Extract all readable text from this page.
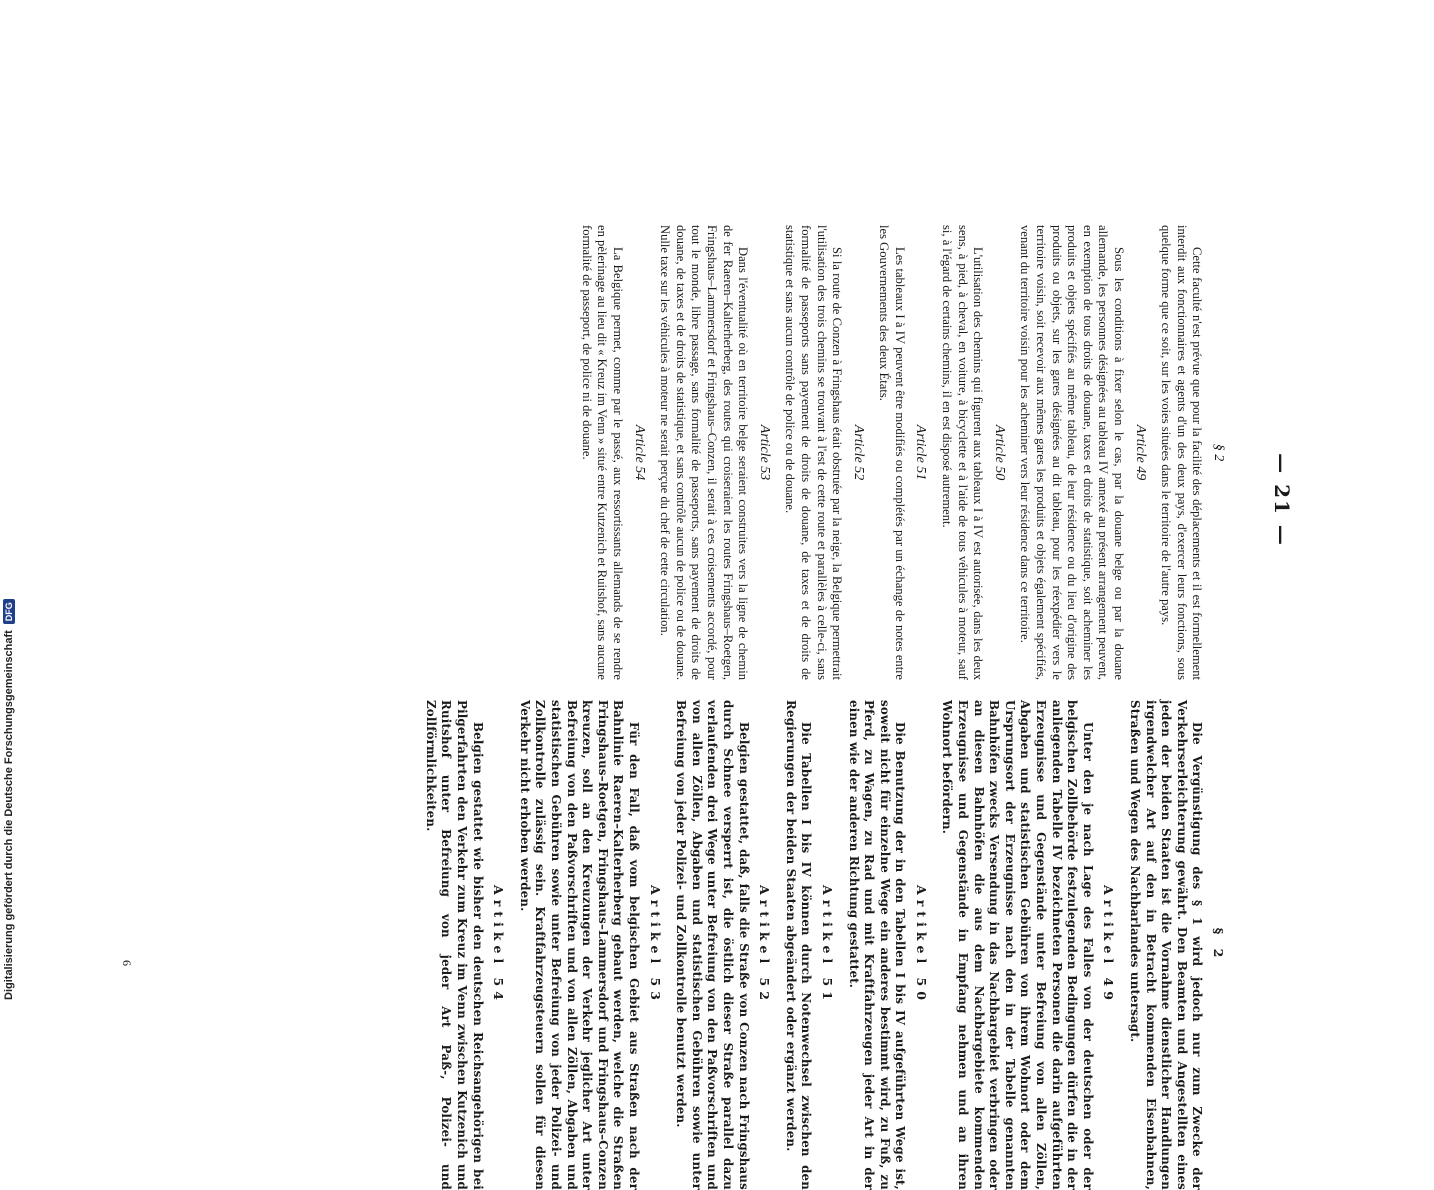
— 21 —
§ 2

Die Vergünstigung des § 1 wird jedoch nur zum Zwecke der Verkehrserleichterung gewährt. Den Beamten und Angestellten eines jeden der beiden Staaten ist die Vornahme dienstlicher Handlungen irgendwelcher Art auf den in Betracht kommenden Eisenbahnen, Straßen und Wegen des Nachbarlandes untersagt.

Artikel 49

Unter den je nach Lage des Falles von der deutschen oder der belgischen Zollbehörde festzulegenden Bedingungen dürfen die in der anliegenden Tabelle IV bezeichneten Personen die darin aufgeführten Erzeugnisse und Gegenstände unter Befreiung von allen Zöllen, Abgaben und statistischen Gebühren von ihrem Wohnort oder dem Ursprungsort der Erzeugnisse nach den in der Tabelle genannten Bahnhöfen zwecks Versendung in das Nachbargebiet verbringen oder an diesen Bahnhöfen die aus dem Nachbargebiete kommenden Erzeugnisse und Gegenstände in Empfang nehmen und an ihren Wohnort befördern.

Artikel 50

Die Benutzung der in den Tabellen I bis IV aufgeführten Wege ist, soweit nicht für einzelne Wege ein anderes bestimmt wird, zu Fuß, zu Pferd, zu Wagen, zu Rad und mit Kraftfahrzeugen jeder Art in der einen wie der anderen Richtung gestattet.

Artikel 51

Die Tabellen I bis IV können durch Notenwechsel zwischen den Regierungen der beiden Staaten abgeändert oder ergänzt werden.

Artikel 52

Belgien gestattet, daß, falls die Straße von Conzen nach Fringshaus durch Schnee versperrt ist, die östlich dieser Straße parallel dazu verlaufenden drei Wege unter Befreiung von den Paßvorschriften und von allen Zöllen, Abgaben und statistischen Gebühren sowie unter Befreiung von jeder Polizei- und Zollkontrolle benutzt werden.

Artikel 53

Für den Fall, daß vom belgischen Gebiet aus Straßen nach der Bahnlinie Raeren–Kalterherberg gebaut werden, welche die Straßen Fringshaus–Roetgen, Fringshaus–Lammersdorf und Fringshaus–Conzen kreuzen, soll an den Kreuzungen der Verkehr jeglicher Art unter Befreiung von den Paßvorschriften und von allen Zöllen, Abgaben und statistischen Gebühren sowie unter Befreiung von jeder Polizei- und Zollkontrolle zulässig sein. Kraftfahrzeugsteuern sollen für diesen Verkehr nicht erhoben werden.

Artikel 54

Belgien gestattet wie bisher den deutschen Reichsangehörigen bei Pilgerfahrten den Verkehr zum Kreuz im Venn zwischen Kutzenich und Ruitshof unter Befreiung von jeder Art Paß-, Polizei- und Zollförmlichkeiten.

§ 2

Cette faculté n'est prévue que pour la facilité des déplacements et il est formellement interdit aux fonctionnaires et agents d'un des deux pays, d'exercer leurs fonctions, sous quelque forme que ce soit, sur les voies situées dans le territoire de l'autre pays.

Article 49

Sous les conditions à fixer selon le cas, par la douane belge ou par la douane allemande, les personnes désignées au tableau IV annexé au présent arrangement peuvent, en exemption de tous droits de douane, taxes et droits de statistique, soit acheminer les produits et objets spécifiés au même tableau, de leur résidence ou du lieu d'origine des produits ou objets, sur les gares désignées au dit tableau, pour les réexpédier vers le territoire voisin, soit recevoir aux mêmes gares les produits et objets également spécifiés, venant du territoire voisin pour les acheminer vers leur résidence dans ce territoire.

Article 50

L'utilisation des chemins qui figurent aux tableaux I à IV est autorisée, dans les deux sens, à pied, à cheval, en voiture, à bicyclette et à l'aide de tous véhicules à moteur, sauf si, à l'égard de certains chemins, il en est disposé autrement.

Article 51

Les tableaux I à IV peuvent être modifiés ou complétés par un échange de notes entre les Gouvernements des deux États.

Article 52

Si la route de Conzen à Fringshaus était obstruée par la neige, la Belgique permettrait l'utilisation des trois chemins se trouvant à l'est de cette route et parallèles à celle-ci, sans formalité de passeports sans payement de droits de douane, de taxes et de droits de statistique et sans aucun contrôle de police ou de douane.

Article 53

Dans l'éventualité où en territoire belge seraient construites vers la ligne de chemin de fer Raeren–Kalterherberg, des routes qui croiseraient les routes Fringshaus–Roetgen, Fringshaus–Lammersdorf et Fringshaus–Conzen, il serait à ces croisements accordé, pour tout le monde, libre passage, sans formalité de passeports, sans payement de droits de douane, de taxes et de droits de statistique, et sans contrôle aucun de police ou de douane. Nulle taxe sur les véhicules à moteur ne serait perçue du chef de cette circulation.

Article 54

La Belgique permet, comme par le passé, aux ressortissants allemands de se rendre en pèlerinage au lieu dit « Kreuz im Venn » situé entre Kutzenich et Ruitshof, sans aucune formalité de passeport, de police ni de douane.

6
Digitalisierung gefördert durch die Deutsche Forschungsgemeinschaft
DFG
